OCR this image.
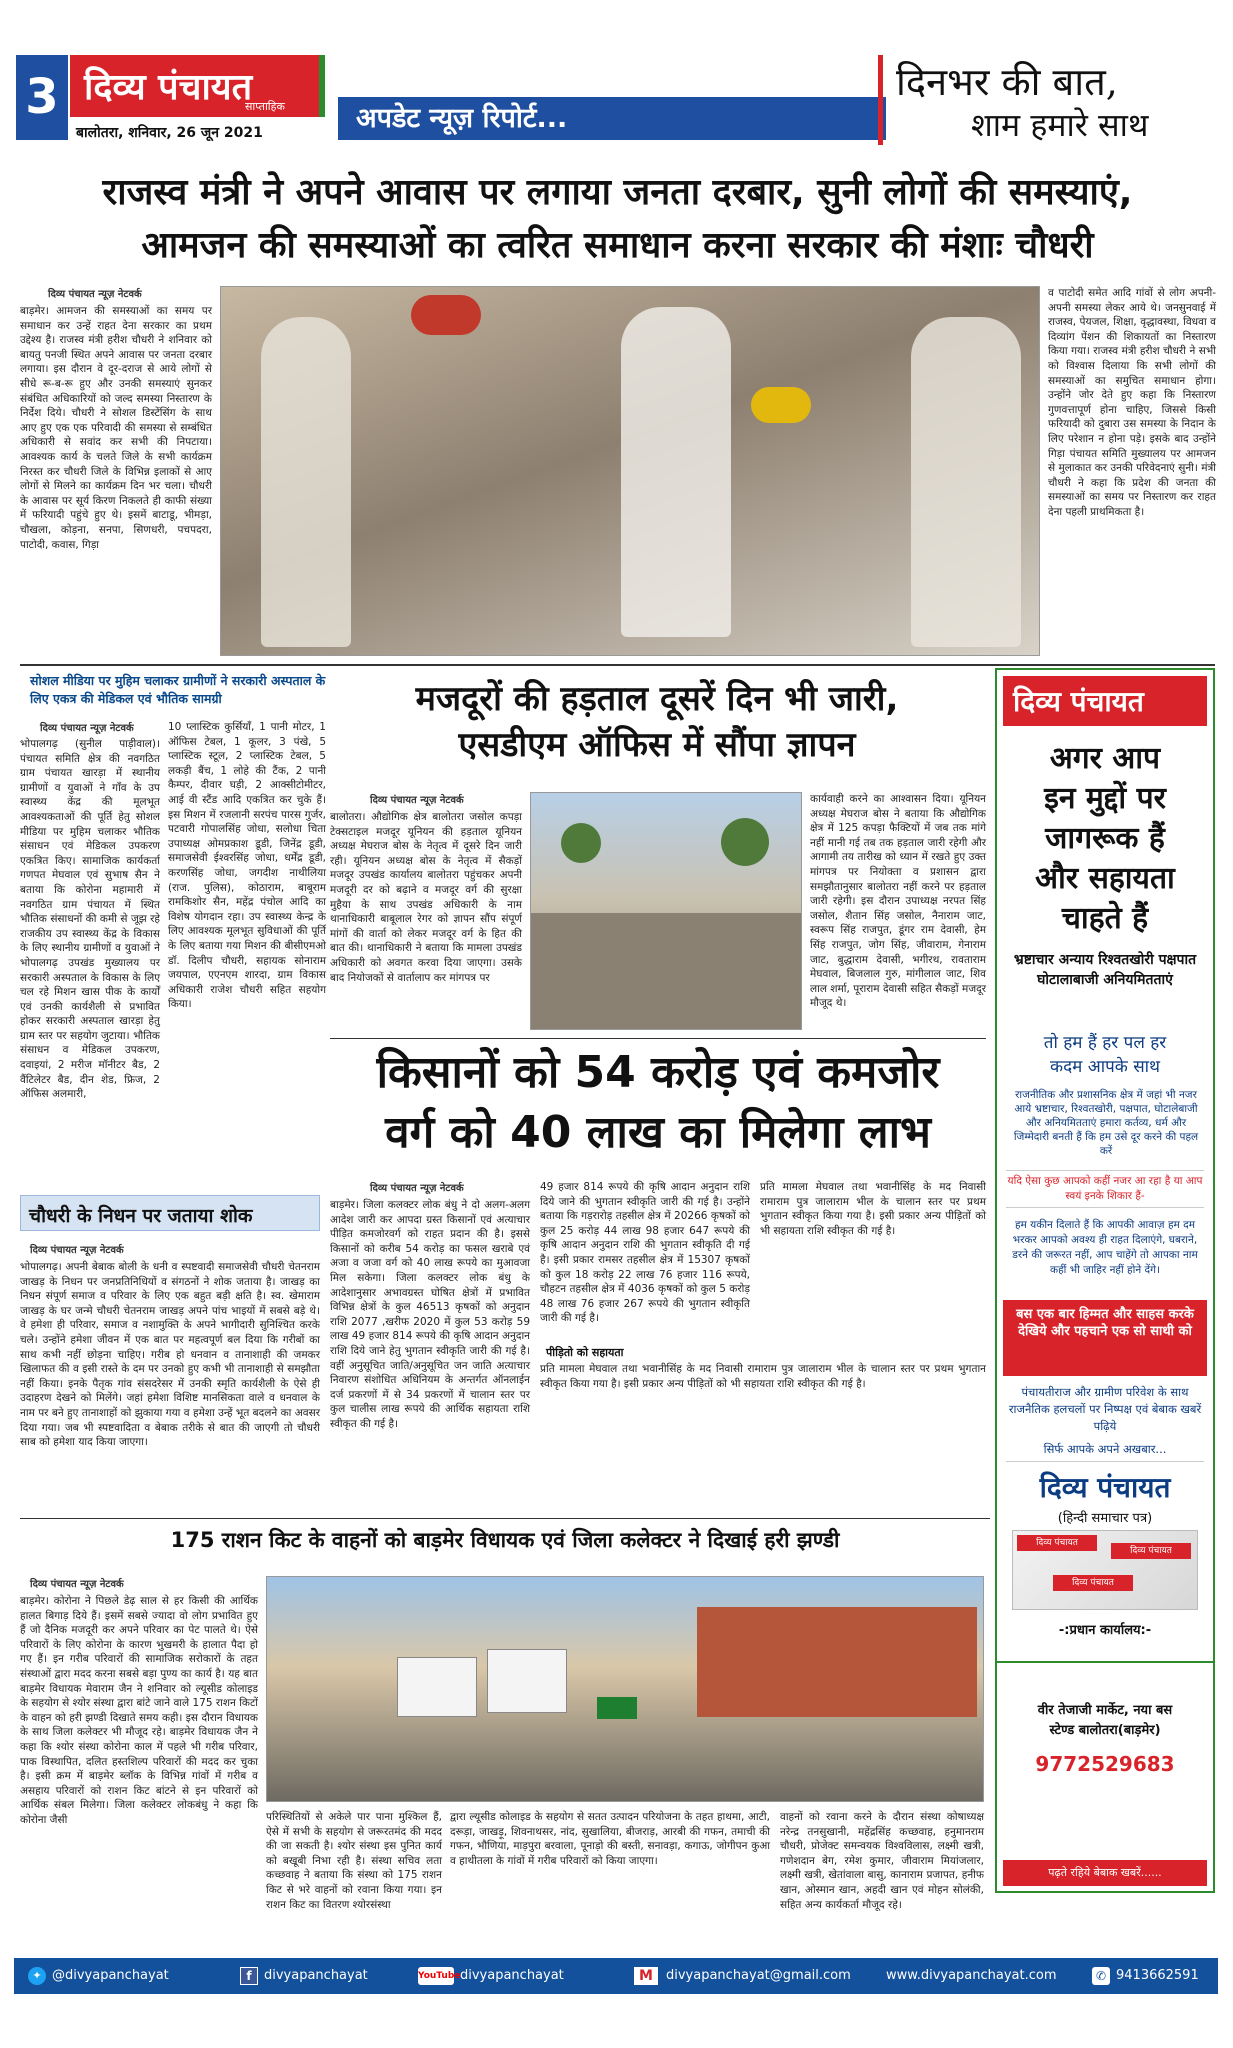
3 दिव्य पंचायत
साप्ताहिक
बालोतरा, शनिवार, 26 जून 2021	अपडेट न्यूज़ रिपोर्ट...
दिनभर की बात,
शाम हमारे साथ
राजस्व मंत्री ने अपने आवास पर लगाया जनता दरबार, सुनी लोगों की समस्याएं,
आमजन की समस्याओं का त्वरित समाधान करना सरकार की मंशाः चौधरी
दिव्य पंचायत न्यूज़ नेटवर्क
बाड़मेर। आमजन की समस्याओं का समय पर समाधान कर उन्हें राहत देना सरकार का प्रथम उद्देश्य है। राजस्व मंत्री हरीश चौधरी ने शनिवार को बायतु पनजी स्थित अपने आवास पर जनता दरबार लगाया। इस दौरान वे दूर-दराज से आये लोगों से सीधे रू-ब-रू हुए और उनकी समस्याएं सुनकर संबंधित अधिकारियों को जल्द समस्या निस्तारण के निर्देश दिये। चौधरी ने सोशल डिस्टेंसिंग के साथ आए हुए एक एक परिवादी की समस्या से सम्बंधित अधिकारी से सवांद कर सभी की निपटाया। आवश्यक कार्य के चलते जिले के सभी कार्यक्रम निरस्त कर चौधरी जिले के विभिन्न इलाकों से आए लोगों से मिलने का कार्यक्रम दिन भर चला। चौधरी के आवास पर सूर्य किरण निकलते ही काफी संख्या में फरियादी पहुंचे हुए थे। इसमें बाटाडू, भीमड़ा, चौखला, कोड़ना, सनपा, सिणधरी, पचपदरा, पाटोदी, कवास, गिड़ा
व पाटोदी समेत आदि गांवों से लोग अपनी-अपनी समस्या लेकर आये थे। जनसुनवाई में राजस्व, पेयजल, शिक्षा, वृद्धावस्था, विधवा व दिव्यांग पेंशन की शिकायतों का निस्तारण किया गया। राजस्व मंत्री हरीश चौधरी ने सभी को विश्वास दिलाया कि सभी लोगों की समस्याओं का समुचित समाधान होगा। उन्होंने जोर देते हुए कहा कि निस्तारण गुणवत्तापूर्ण होना चाहिए, जिससे किसी फरियादी को दुबारा उस समस्या के निदान के लिए परेशान न होना पड़े। इसके बाद उन्होंने गिड़ा पंचायत समिति मुख्यालय पर आमजन से मुलाकात कर उनकी परिवेदनाएं सुनी। मंत्री चौधरी ने कहा कि प्रदेश की जनता की समस्याओं का समय पर निस्तारण कर राहत देना पहली प्राथमिकता है।
सोशल मीडिया पर मुहिम चलाकर ग्रामीणों ने सरकारी अस्पताल के लिए एकत्र की मेडिकल एवं भौतिक सामग्री
दिव्य पंचायत न्यूज़ नेटवर्क
भोपालगढ़ (सुनील पाड़ीवाल)। पंचायत समिति क्षेत्र की नवगठित ग्राम पंचायत खारड़ा में स्थानीय ग्रामीणों व युवाओं ने गाँव के उप स्वास्थ्य केंद्र की मूलभूत आवश्यकताओं की पूर्ति हेतु सोशल मीडिया पर मुहिम चलाकर भौतिक संसाधन एवं मेडिकल उपकरण एकत्रित किए। सामाजिक कार्यकर्ता गणपत मेघवाल एवं सुभाष सैन ने बताया कि कोरोना महामारी में नवगठित ग्राम पंचायत में स्थित भौतिक संसाधनों की कमी से जूझ रहे राजकीय उप स्वास्थ्य केंद्र के विकास के लिए स्थानीय ग्रामीणों व युवाओं ने भोपालगढ़ उपखंड मुख्यालय पर सरकारी अस्पताल के विकास के लिए चल रहे मिशन खास पीक के कार्यों एवं उनकी कार्यशैली से प्रभावित होकर सरकारी अस्पताल खारड़ा हेतु ग्राम स्तर पर सहयोग जुटाया। भौतिक संसाधन व मेडिकल उपकरण, दवाइयां, 2 मरीज मॉनीटर बैड, 2 वैंटिलेटर बैड, दीन शेड, फ्रिज, 2 ऑफिस अलमारी,
10 प्लास्टिक कुर्सियाँ, 1 पानी मोटर, 1 ऑफिस टेबल, 1 कूलर, 3 पंखे, 5 प्लास्टिक स्टूल, 2 प्लास्टिक टेबल, 5 लकड़ी बैंच, 1 लोहे की टैंक, 2 पानी कैम्पर, दीवार घड़ी, 2 आक्सीटोमीटर, आई वी स्टैंड आदि एकत्रित कर चुके हैं। इस मिशन में रजलानी सरपंच पारस गुर्जर, पटवारी गोपालसिंह जोधा, सलोधा चिता उपाध्यक्ष ओमप्रकाश डूडी, जिनेंद्र डूडी, समाजसेवी ईश्वरसिंह जोधा, धर्मेंद्र डूडी, करणसिंह जोधा, जगदीश नाथीलिया (राज. पुलिस), कोठाराम, बाबूराम रामकिशोर सैन, महेंद्र पंचोल आदि का विशेष योगदान रहा। उप स्वास्थ्य केन्द्र के लिए आवश्यक मूलभूत सुविधाओं की पूर्ति के लिए बताया गया मिशन की बीसीएमओ डॉ. दिलीप चौधरी, सहायक सोनाराम जयपाल, एएनएम शारदा, ग्राम विकास अधिकारी राजेश चौधरी सहित सहयोग किया।
चौधरी के निधन पर जताया शोक
दिव्य पंचायत न्यूज़ नेटवर्क
भोपालगढ़। अपनी बेबाक बोली के धनी व स्पष्टवादी समाजसेवी चौधरी चेतनराम जाखड़ के निधन पर जनप्रतिनिधियों व संगठनों ने शोक जताया है। जाखड़ का निधन संपूर्ण समाज व परिवार के लिए एक बहुत बड़ी क्षति है। स्व. खेमाराम जाखड़ के घर जन्मे चौधरी चेतनराम जाखड़ अपने पांच भाइयों में सबसे बड़े थे। वे हमेशा ही परिवार, समाज व नशामुक्ति के अपने भागीदारी सुनिश्चित करके चले। उन्होंने हमेशा जीवन में एक बात पर महत्वपूर्ण बल दिया कि गरीबों का साथ कभी नहीं छोड़ना चाहिए। गरीब हो धनवान व तानाशाही की जमकर खिलाफत की व इसी रास्ते के दम पर उनको हुए कभी भी तानाशाही से समझौता नहीं किया। इनके पैतृक गांव संसदरेसर में उनकी स्मृति कार्यशैली के ऐसे ही उदाहरण देखने को मिलेंगे। जहां हमेशा विशिष्ट मानसिकता वाले व धनवाल के नाम पर बने हुए तानाशाहों को झुकाया गया व हमेशा उन्हें भूत बदलने का अवसर दिया गया। जब भी स्पष्टवादिता व बेबाक तरीके से बात की जाएगी तो चौधरी साब को हमेशा याद किया जाएगा।
मजदूरों की हड़ताल दूसरें दिन भी जारी,
एसडीएम ऑफिस में सौंपा ज्ञापन
दिव्य पंचायत न्यूज़ नेटवर्क
बालोतरा। औद्योगिक क्षेत्र बालोतरा जसोल कपड़ा टेक्सटाइल मजदूर यूनियन की हड़ताल यूनियन अध्यक्ष मेघराज बोस के नेतृत्व में दूसरे दिन जारी रही। यूनियन अध्यक्ष बोस के नेतृत्व में सैकड़ों मजदूर उपखंड कार्यालय बालोतरा पहुंचकर अपनी मजदूरी दर को बढ़ाने व मजदूर वर्ग की सुरक्षा मुहैया के साथ उपखंड अधिकारी के नाम थानाधिकारी बाबूलाल रेगर को ज्ञापन सौंप संपूर्ण मांगों की वार्ता को लेकर मजदूर वर्ग के हित की बात की। थानाधिकारी ने बताया कि मामला उपखंड अधिकारी को अवगत करवा दिया जाएगा। उसके बाद नियोजकों से वार्तालाप कर मांगपत्र पर
कार्यवाही करने का आश्वासन दिया। यूनियन अध्यक्ष मेघराज बोस ने बताया कि औद्योगिक क्षेत्र में 125 कपड़ा फैक्टियों में जब तक मांगे नहीं मानी गई तब तक हड़ताल जारी रहेगी और आगामी तय तारीख को ध्यान में रखते हुए उक्त मांगपत्र पर नियोक्ता व प्रशासन द्वारा समझौतानुसार बालोतरा नहीं करने पर हड़ताल जारी रहेगी। इस दौरान उपाध्यक्ष नरपत सिंह जसोल, शैतान सिंह जसोल, नैनाराम जाट, स्वरूप सिंह राजपुत, डूंगर राम देवासी, हेम सिंह राजपुत, जोग सिंह, जीवाराम, गेनाराम जाट, बुद्धाराम देवासी, भगीरथ, रावताराम मेघवाल, बिजलाल गुरु, मांगीलाल जाट, शिव लाल शर्मा, पूराराम देवासी सहित सैकड़ों मजदूर मौजूद थे।
किसानों को 54 करोड़ एवं कमजोर
वर्ग को 40 लाख का मिलेगा लाभ
दिव्य पंचायत न्यूज़ नेटवर्क
बाड़मेर। जिला कलक्टर लोक बंधु ने दो अलग-अलग आदेश जारी कर आपदा ग्रस्त किसानों एवं अत्याचार पीड़ित कमजोरवर्ग को राहत प्रदान की है। इससे किसानों को करीब 54 करोड़ का फसल खराबे एवं अजा व जजा वर्ग को 40 लाख रूपये का मुआवजा मिल सकेगा। जिला कलक्टर लोक बंधु के आदेशानुसार अभावग्रस्त घोषित क्षेत्रों में प्रभावित विभिन्न क्षेत्रों के कुल 46513 कृषकों को अनुदान राशि 2077 ,खरीफ 2020 में कुल 53 करोड़ 59 लाख 49 हजार 814 रूपये की कृषि आदान अनुदान राशि दिये जाने हेतु भुगतान स्वीकृति जारी की गई है। वहीं अनुसूचित जाति/अनुसूचित जन जाति अत्याचार निवारण संशोधित अधिनियम के अन्तर्गत ऑनलाईन दर्ज प्रकरणों में से 34 प्रकरणों में चालान स्तर पर कुल चालीस लाख रूपये की आर्थिक सहायता राशि स्वीकृत की गई है।
49 हजार 814 रूपये की कृषि आदान अनुदान राशि दिये जाने की भुगतान स्वीकृति जारी की गई है। उन्होंने बताया कि गड़रारोड़ तहसील क्षेत्र में 20266 कृषकों को कुल 25 करोड़ 44 लाख 98 हजार 647 रूपये की कृषि आदान अनुदान राशि की भुगतान स्वीकृति दी गई है। इसी प्रकार रामसर तहसील क्षेत्र में 15307 कृषकों को कुल 18 करोड़ 22 लाख 76 हजार 116 रूपये, चौहटन तहसील क्षेत्र में 4036 कृषकों को कुल 5 करोड़ 48 लाख 76 हजार 267 रूपये की भुगतान स्वीकृति जारी की गई है।
पीड़ितो को सहायता
प्रति मामला मेघवाल तथा भवानीसिंह के मद निवासी रामाराम पुत्र जालाराम भील के चालान स्तर पर प्रथम भुगतान स्वीकृत किया गया है। इसी प्रकार अन्य पीड़ितों को भी सहायता राशि स्वीकृत की गई है।
प्रति मामला मेघवाल तथा भवानीसिंह के मद निवासी रामाराम पुत्र जालाराम भील के चालान स्तर पर प्रथम भुगतान स्वीकृत किया गया है। इसी प्रकार अन्य पीड़ितों को भी सहायता राशि स्वीकृत की गई है।
दिव्य पंचायत
अगर आप
इन मुद्दों पर
जागरूक हैं
और सहायता
चाहते हैं
भ्रष्टाचार अन्याय रिश्वतखोरी पक्षपात घोटालाबाजी अनियमितताएं
तो हम हैं हर पल हर
कदम आपके साथ
राजनीतिक और प्रशासनिक क्षेत्र में जहां भी नजर आये भ्रष्टाचार, रिश्वतखोरी, पक्षपात, घोटालेबाजी और अनियमितताएं हमारा कर्तव्य, धर्म और जिम्मेदारी बनती हैं कि हम उसे दूर करने की पहल करें
यदि ऐसा कुछ आपको कहीं नजर आ रहा है या आप स्वयं इनके शिकार हैं-
हम यकीन दिलाते हैं कि आपकी आवाज़ हम दम भरकर आपको अवश्य ही राहत दिलाएंगे, घबराने, डरने की जरूरत नहीं, आप चाहेंगे तो आपका नाम कहीं भी जाहिर नहीं होने देंगे।
बस एक बार हिम्मत और साहस करके देखिये और पहचाने एक सो साथी को
पंचायतीराज और ग्रामीण परिवेश के साथ राजनैतिक हलचलों पर निष्पक्ष एवं बेबाक खबरें पढ़िये
सिर्फ आपके अपने अखबार...
दिव्य पंचायत
(हिन्दी समाचार पत्र)
दिव्य पंचायत
दिव्य पंचायत
दिव्य पंचायत
-:प्रधान कार्यालय:-
175 राशन किट के वाहनों को बाड़मेर विधायक एवं जिला कलेक्टर ने दिखाई हरी झण्डी
दिव्य पंचायत न्यूज़ नेटवर्क
बाड़मेर। कोरोना ने पिछले डेढ़ साल से हर किसी की आर्थिक हालत बिगाड़ दिये हैं। इसमें सबसे ज्यादा वो लोग प्रभावित हुए हैं जो दैनिक मजदूरी कर अपने परिवार का पेट पालते थे। ऐसे परिवारों के लिए कोरोना के कारण भुखमरी के हालात पैदा हो गए हैं। इन गरीब परिवारों की सामाजिक सरोकारों के तहत संस्थाओं द्वारा मदद करना सबसे बड़ा पुण्य का कार्य है। यह बात बाड़मेर विधायक मेवाराम जैन ने शनिवार को ल्यूसीड कोलाइड के सहयोग से श्योर संस्था द्वारा बांटे जाने वाले 175 राशन किटों के वाहन को हरी झण्डी दिखाते समय कही। इस दौरान विधायक के साथ जिला कलेक्टर भी मौजूद रहे। बाड़मेर विधायक जैन ने कहा कि श्योर संस्था कोरोना काल में पहले भी गरीब परिवार, पाक विस्थापित, दलित हस्तशिल्प परिवारों की मदद कर चुका है। इसी क्रम में बाड़मेर ब्लॉक के विभिन्न गांवों में गरीब व असहाय परिवारों को राशन किट बांटने से इन परिवारों को आर्थिक संबल मिलेगा। जिला कलेक्टर लोकबंधु ने कहा कि कोरोना जैसी	परिस्थितियों से अकेले पार पाना मुश्किल हैं, ऐसे में सभी के सहयोग से जरूरतमंद की मदद की जा सकती है। श्योर संस्था इस पुनित कार्य को बखूबी निभा रही है। संस्था सचिव लता कच्छवाह ने बताया कि संस्था को 175 राशन किट से भरे वाहनों को रवाना किया गया। इन राशन किट का वितरण श्योरसंस्था
द्वारा ल्यूसीड कोलाइड के सहयोग से सतत उत्पादन परियोजना के तहत हाथमा, आटी, दरूड़ा, जाखड़ू, शिवनाथसर, नांद, सुखालिया, बीजराड़, आरबी की गफन, तमाची की गफन, भौणिया, माड़पुरा बरवाला, पूनाड़ो की बस्ती, सनावड़ा, कगाऊ, जोगीपन कुआ व हाथीतला के गांवों में गरीब परिवारों को किया जाएगा।
वाहनों को रवाना करने के दौरान संस्था कोषाध्यक्ष नरेन्द्र तनसुखानी, महेंद्रसिंह कच्छवाह, हनुमानराम चौधरी, प्रोजेक्ट समन्वयक विश्वविलास, लक्ष्मी खत्री, गणेशदान बेग, रमेश कुमार, जीवाराम मियांजलार, लक्ष्मी खत्री, खेतांवाला बासु, कानाराम प्रजापत, हनीफ खान, ओस्मान खान, अहदी खान एवं मोहन सोलंकी, सहित अन्य कार्यकर्ता मौजूद रहे।
वीर तेजाजी मार्केट, नया बस
स्टेण्ड बालोतरा(बाड़मेर)
9772529683
पढ़ते रहिये बेबाक खबरें......
✦ @divyapanchayat	f divyapanchayat	YouTube divyapanchayat	M	divyapanchayat@gmail.com	www.divyapanchayat.com	✆ 9413662591
